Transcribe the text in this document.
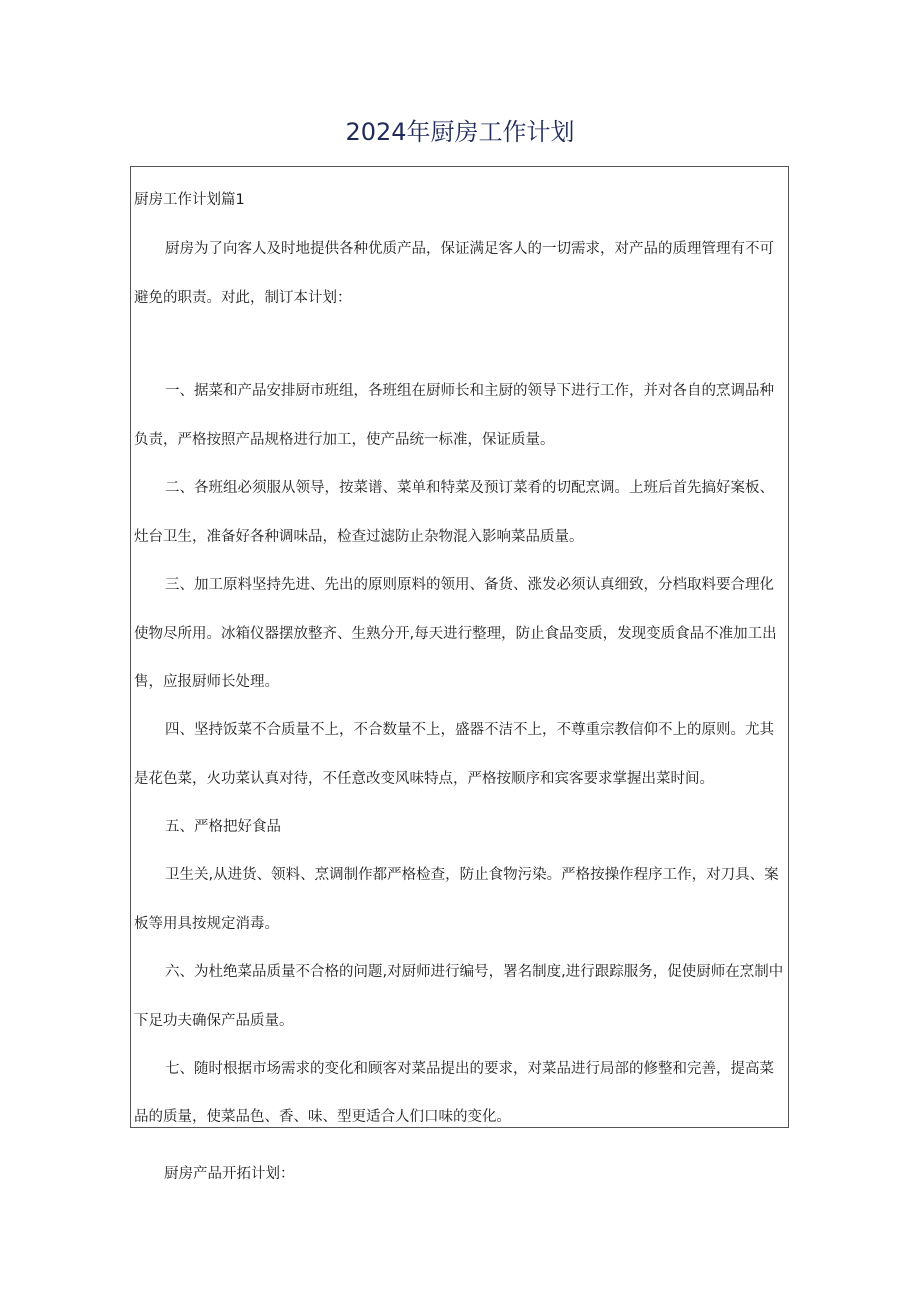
2024年厨房工作计划
厨房工作计划篇1
厨房为了向客人及时地提供各种优质产品，保证满足客人的一切需求，对产品的质理管理有不可
避免的职责。对此，制订本计划：
一、据菜和产品安排厨市班组，各班组在厨师长和主厨的领导下进行工作，并对各自的烹调品种
负责，严格按照产品规格进行加工，使产品统一标准，保证质量。
二、各班组必须服从领导，按菜谱、菜单和特菜及预订菜肴的切配烹调。上班后首先搞好案板、
灶台卫生，准备好各种调味品，检查过滤防止杂物混入影响菜品质量。
三、加工原料坚持先进、先出的原则原料的领用、备货、涨发必须认真细致，分档取料要合理化
使物尽所用。冰箱仪器摆放整齐、生熟分开,每天进行整理，防止食品变质，发现变质食品不准加工出
售，应报厨师长处理。
四、坚持饭菜不合质量不上，不合数量不上，盛器不洁不上，不尊重宗教信仰不上的原则。尤其
是花色菜，火功菜认真对待，不任意改变风味特点，严格按顺序和宾客要求掌握出菜时间。
五、严格把好食品
卫生关,从进货、领料、烹调制作都严格检查，防止食物污染。严格按操作程序工作，对刀具、案
板等用具按规定消毒。
六、为杜绝菜品质量不合格的问题,对厨师进行编号，署名制度,进行跟踪服务，促使厨师在烹制中
下足功夫确保产品质量。
七、随时根据市场需求的变化和顾客对菜品提出的要求，对菜品进行局部的修整和完善，提高菜
品的质量，使菜品色、香、味、型更适合人们口味的变化。
厨房产品开拓计划：
